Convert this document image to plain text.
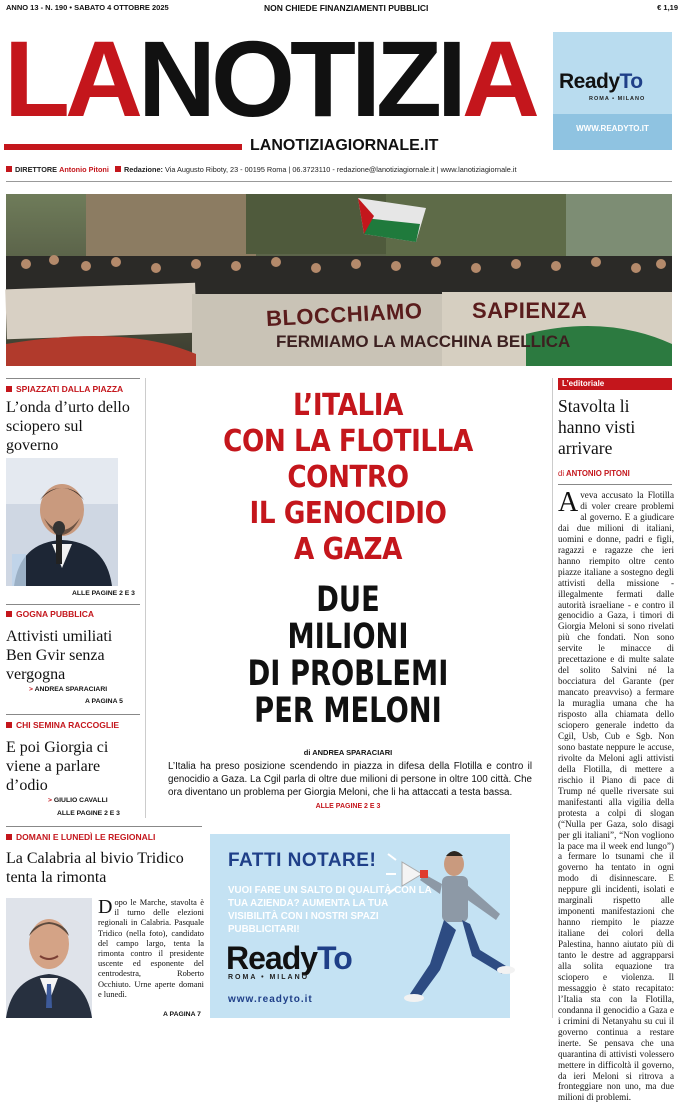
ANNO 13 - N. 190 • SABATO 4 OTTOBRE 2025	NON CHIEDE FINANZIAMENTI PUBBLICI	€ 1,19
LANOTIZIA
LANOTIZIAGIORNALE.IT
ReadyTo
ROMA • MILANO
WWW.READYTO.IT
DIRETTORE Antonio Pitoni Redazione: Via Augusto Riboty, 23 - 00195 Roma | 06.3723110 - redazione@lanotiziagiornale.it | www.lanotiziagiornale.it
BLOCCHIAMO SAPIENZA
FERMIAMO LA MACCHINA BELLICA
SPIAZZATI DALLA PIAZZA
L’onda d’urto dello sciopero sul governo
ALLE PAGINE 2 E 3
GOGNA PUBBLICA
Attivisti umiliati Ben Gvir senza vergogna
> ANDREA SPARACIARI
A PAGINA 5
CHI SEMINA RACCOGLIE
E poi Giorgia ci viene a parlare d’odio
> GIULIO CAVALLI
ALLE PAGINE 2 E 3
DOMANI E LUNEDÌ LE REGIONALI
La Calabria al bivio Tridico tenta la rimonta
Dopo le Marche, stavolta è il turno delle elezioni regionali in Calabria. Pasquale Tridico (nella foto), candidato del campo largo, tenta la rimonta contro il presidente uscente ed esponente del centrodestra, Roberto Occhiuto. Urne aperte domani e lunedì.
A PAGINA 7
L’ITALIA
CON LA FLOTILLA
CONTRO
IL GENOCIDIO
A GAZA
DUE
MILIONI
DI PROBLEMI
PER MELONI
di ANDREA SPARACIARI
L’Italia ha preso posizione scendendo in piazza in difesa della Flotilla e contro il genocidio a Gaza. La Cgil parla di oltre due milioni di persone in oltre 100 città. Che ora diventano un problema per Giorgia Meloni, che li ha attaccati a testa bassa.
ALLE PAGINE 2 E 3
L’editoriale
Stavolta li hanno visti arrivare
di ANTONIO PITONI
Aveva accusato la Flotilla di voler creare problemi al governo. E a giudicare dai due milioni di italiani, uomini e donne, padri e figli, ragazzi e ragazze che ieri hanno riempito oltre cento piazze italiane a sostegno degli attivisti della missione - illegalmente fermati dalle autorità israeliane - e contro il genocidio a Gaza, i timori di Giorgia Meloni si sono rivelati più che fondati. Non sono servite le minacce di precettazione e di multe salate del solito Salvini né la bocciatura del Garante (per mancato preavviso) a fermare la muraglia umana che ha risposto alla chiamata dello sciopero generale indetto da Cgil, Usb, Cub e Sgb. Non sono bastate neppure le accuse, rivolte da Meloni agli attivisti della Flotilla, di mettere a rischio il Piano di pace di Trump né quelle riversate sui manifestanti alla vigilia della protesta a colpi di slogan (“Nulla per Gaza, solo disagi per gli italiani”, “Non vogliono la pace ma il week end lungo”) a fermare lo tsunami che il governo ha tentato in ogni modo di disinnescare. E neppure gli incidenti, isolati e marginali rispetto alle imponenti manifestazioni che hanno riempito le piazze italiane dei colori della Palestina, hanno aiutato più di tanto le destre ad aggrapparsi alla solita equazione tra sciopero e violenza. Il messaggio è stato recapitato: l’Italia sta con la Flotilla, condanna il genocidio a Gaza e i crimini di Netanyahu su cui il governo continua a restare inerte. Se pensava che una quarantina di attivisti volessero mettere in difficoltà il governo, da ieri Meloni si ritrova a fronteggiare non uno, ma due milioni di problemi.
FATTI NOTARE!
VUOI FARE UN SALTO DI QUALITÀ CON LA TUA AZIENDA? AUMENTA LA TUA VISIBILITÀ CON I NOSTRI SPAZI PUBBLICITARI!
ReadyTo
ROMA • MILANO
www.readyto.it
